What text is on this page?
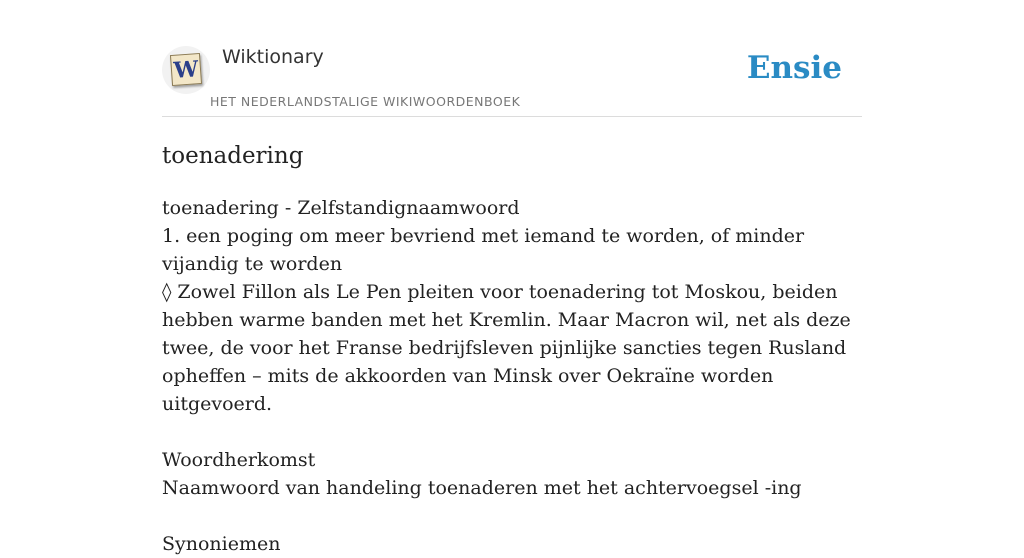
W Wiktionary
HET NEDERLANDSTALIGE WIKIWOORDENBOEK
Ensie
toenadering

toenadering - Zelfstandignaamwoord

1. een poging om meer bevriend met iemand te worden, of minder vijandig te worden

◊ Zowel Fillon als Le Pen pleiten voor toenadering tot Moskou, beiden hebben warme banden met het Kremlin. Maar Macron wil, net als deze twee, de voor het Franse bedrijfsleven pijnlijke sancties tegen Rusland opheffen – mits de akkoorden van Minsk over Oekraïne worden uitgevoerd.

Woordherkomst

Naamwoord van handeling toenaderen met het achtervoegsel -ing

Synoniemen
